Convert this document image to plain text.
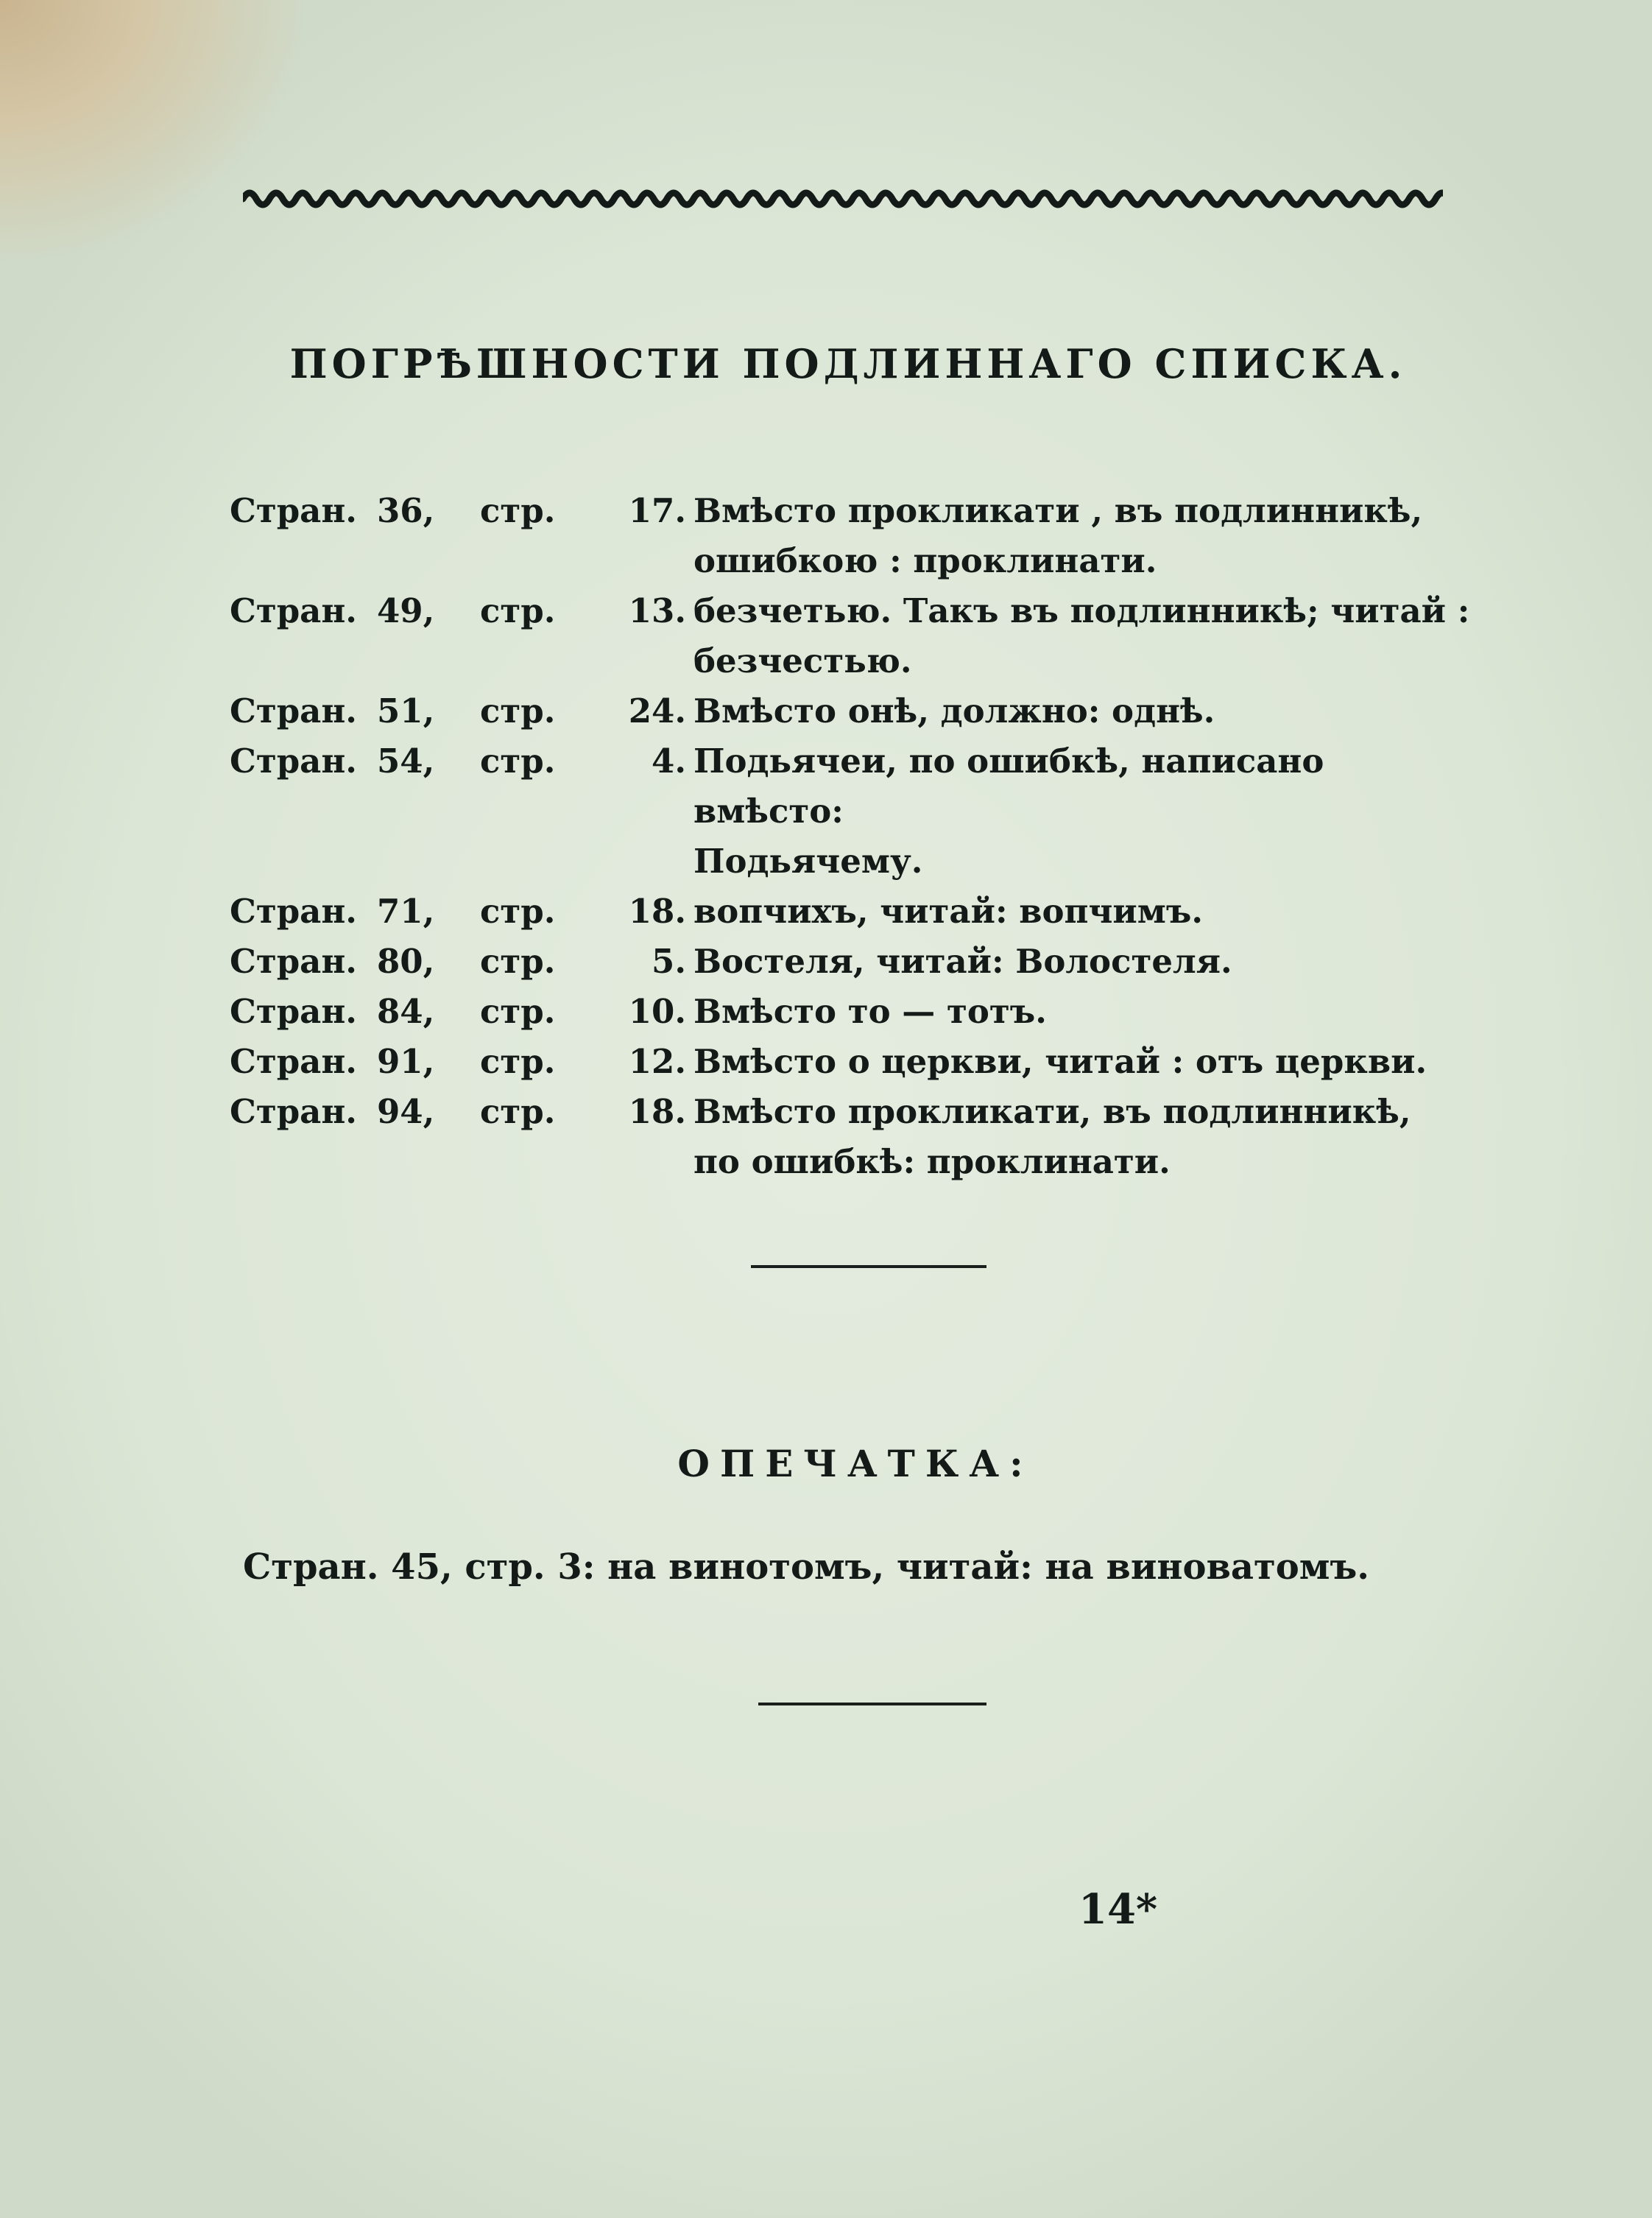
ПОГРѢШНОСТИ ПОДЛИННАГО СПИСКА.
Стран. 36,	стр.	17. Вмѣсто прокликати , въ подлинникѣ,
ошибкою : проклинати.
Стран. 49,	стр.	13. безчетью. Такъ въ подлинникѣ; читай :
безчестью.
Стран. 51,	стр.	24. Вмѣсто онѣ, должно: однѣ.
Стран. 54,	стр.	4. Подьячеи, по ошибкѣ, написано вмѣсто:
Подьячему.
Стран. 71,	стр.	18. вопчихъ, читай: вопчимъ.
Стран. 80,	стр.	5. Востеля, читай: Волостеля.
Стран. 84,	стр.	10. Вмѣсто то — тотъ.
Стран. 91,	стр.	12. Вмѣсто о церкви, читай : отъ церкви.
Стран. 94,	стр.	18. Вмѣсто прокликати, въ подлинникѣ,
по ошибкѣ: проклинати.
ОПЕЧАТКА:
Стран. 45, стр. 3: на винотомъ, читай: на виноватомъ.
14*
